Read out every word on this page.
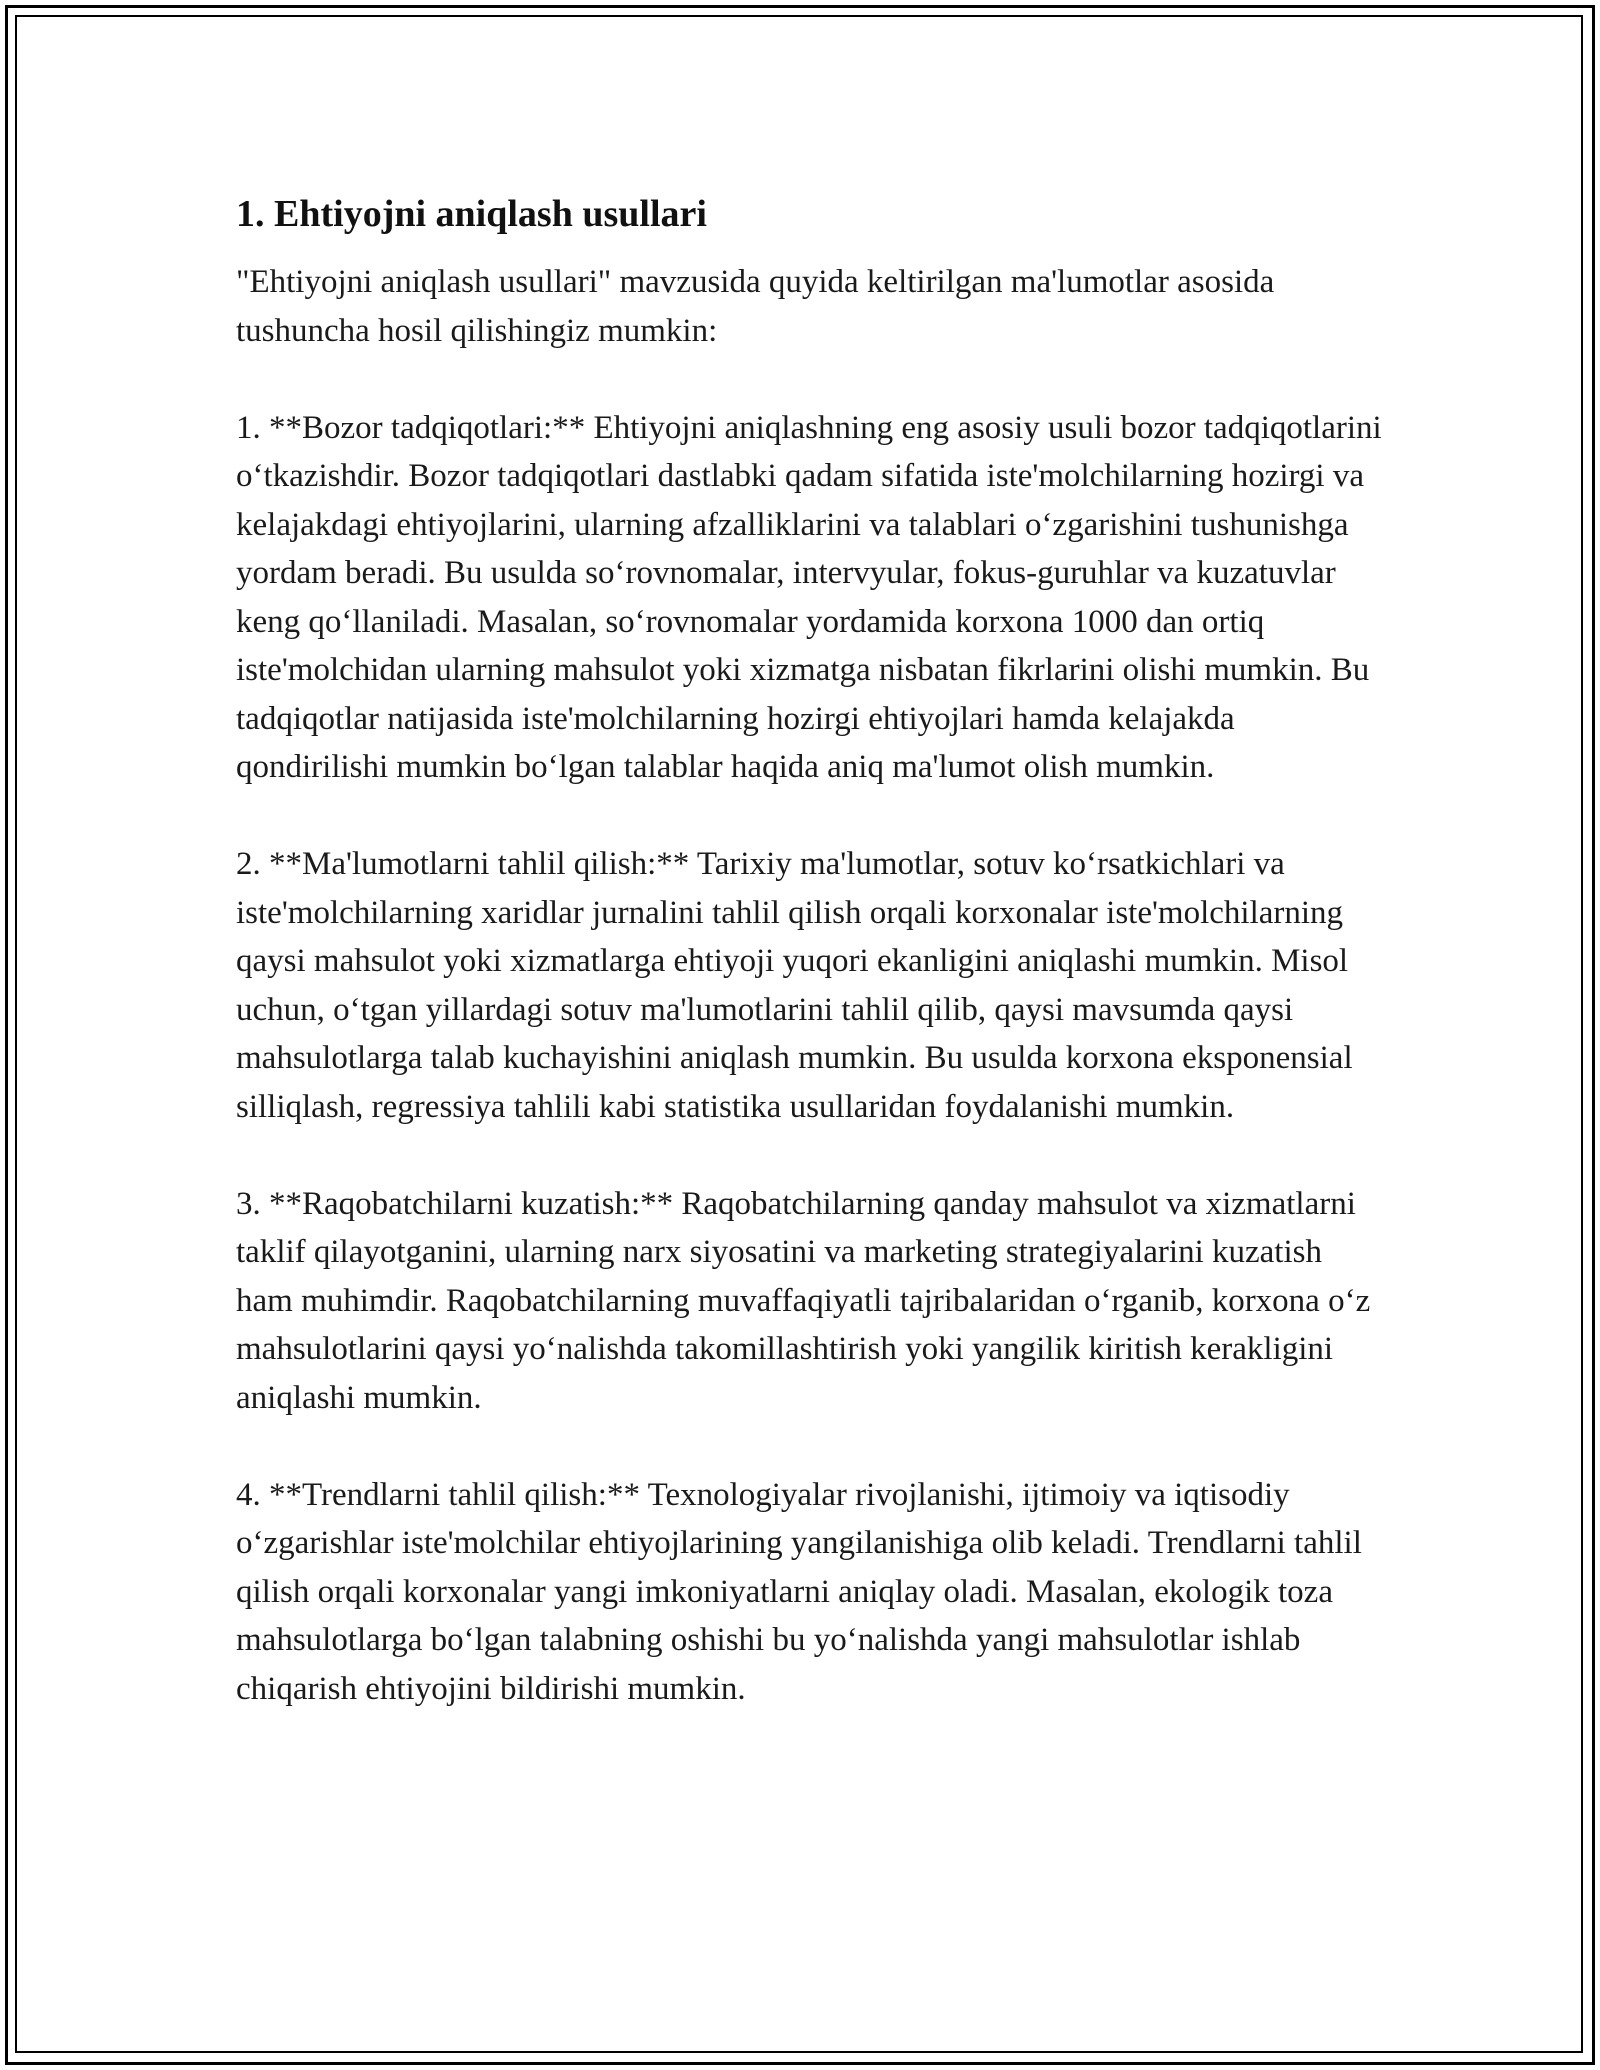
1. Ehtiyojni aniqlash usullari

"Ehtiyojni aniqlash usullari" mavzusida quyida keltirilgan ma'lumotlar asosida tushuncha hosil qilishingiz mumkin:

1. **Bozor tadqiqotlari:** Ehtiyojni aniqlashning eng asosiy usuli bozor tadqiqotlarini o‘tkazishdir. Bozor tadqiqotlari dastlabki qadam sifatida iste'molchilarning hozirgi va kelajakdagi ehtiyojlarini, ularning afzalliklarini va talablari o‘zgarishini tushunishga yordam beradi. Bu usulda so‘rovnomalar, intervyular, fokus-guruhlar va kuzatuvlar keng qo‘llaniladi. Masalan, so‘rovnomalar yordamida korxona 1000 dan ortiq iste'molchidan ularning mahsulot yoki xizmatga nisbatan fikrlarini olishi mumkin. Bu tadqiqotlar natijasida iste'molchilarning hozirgi ehtiyojlari hamda kelajakda qondirilishi mumkin bo‘lgan talablar haqida aniq ma'lumot olish mumkin.

2. **Ma'lumotlarni tahlil qilish:** Tarixiy ma'lumotlar, sotuv ko‘rsatkichlari va iste'molchilarning xaridlar jurnalini tahlil qilish orqali korxonalar iste'molchilarning qaysi mahsulot yoki xizmatlarga ehtiyoji yuqori ekanligini aniqlashi mumkin. Misol uchun, o‘tgan yillardagi sotuv ma'lumotlarini tahlil qilib, qaysi mavsumda qaysi mahsulotlarga talab kuchayishini aniqlash mumkin. Bu usulda korxona eksponensial silliqlash, regressiya tahlili kabi statistika usullaridan foydalanishi mumkin.

3. **Raqobatchilarni kuzatish:** Raqobatchilarning qanday mahsulot va xizmatlarni taklif qilayotganini, ularning narx siyosatini va marketing strategiyalarini kuzatish ham muhimdir. Raqobatchilarning muvaffaqiyatli tajribalaridan o‘rganib, korxona o‘z mahsulotlarini qaysi yo‘nalishda takomillashtirish yoki yangilik kiritish kerakligini aniqlashi mumkin.

4. **Trendlarni tahlil qilish:** Texnologiyalar rivojlanishi, ijtimoiy va iqtisodiy o‘zgarishlar iste'molchilar ehtiyojlarining yangilanishiga olib keladi. Trendlarni tahlil qilish orqali korxonalar yangi imkoniyatlarni aniqlay oladi. Masalan, ekologik toza mahsulotlarga bo‘lgan talabning oshishi bu yo‘nalishda yangi mahsulotlar ishlab chiqarish ehtiyojini bildirishi mumkin.
